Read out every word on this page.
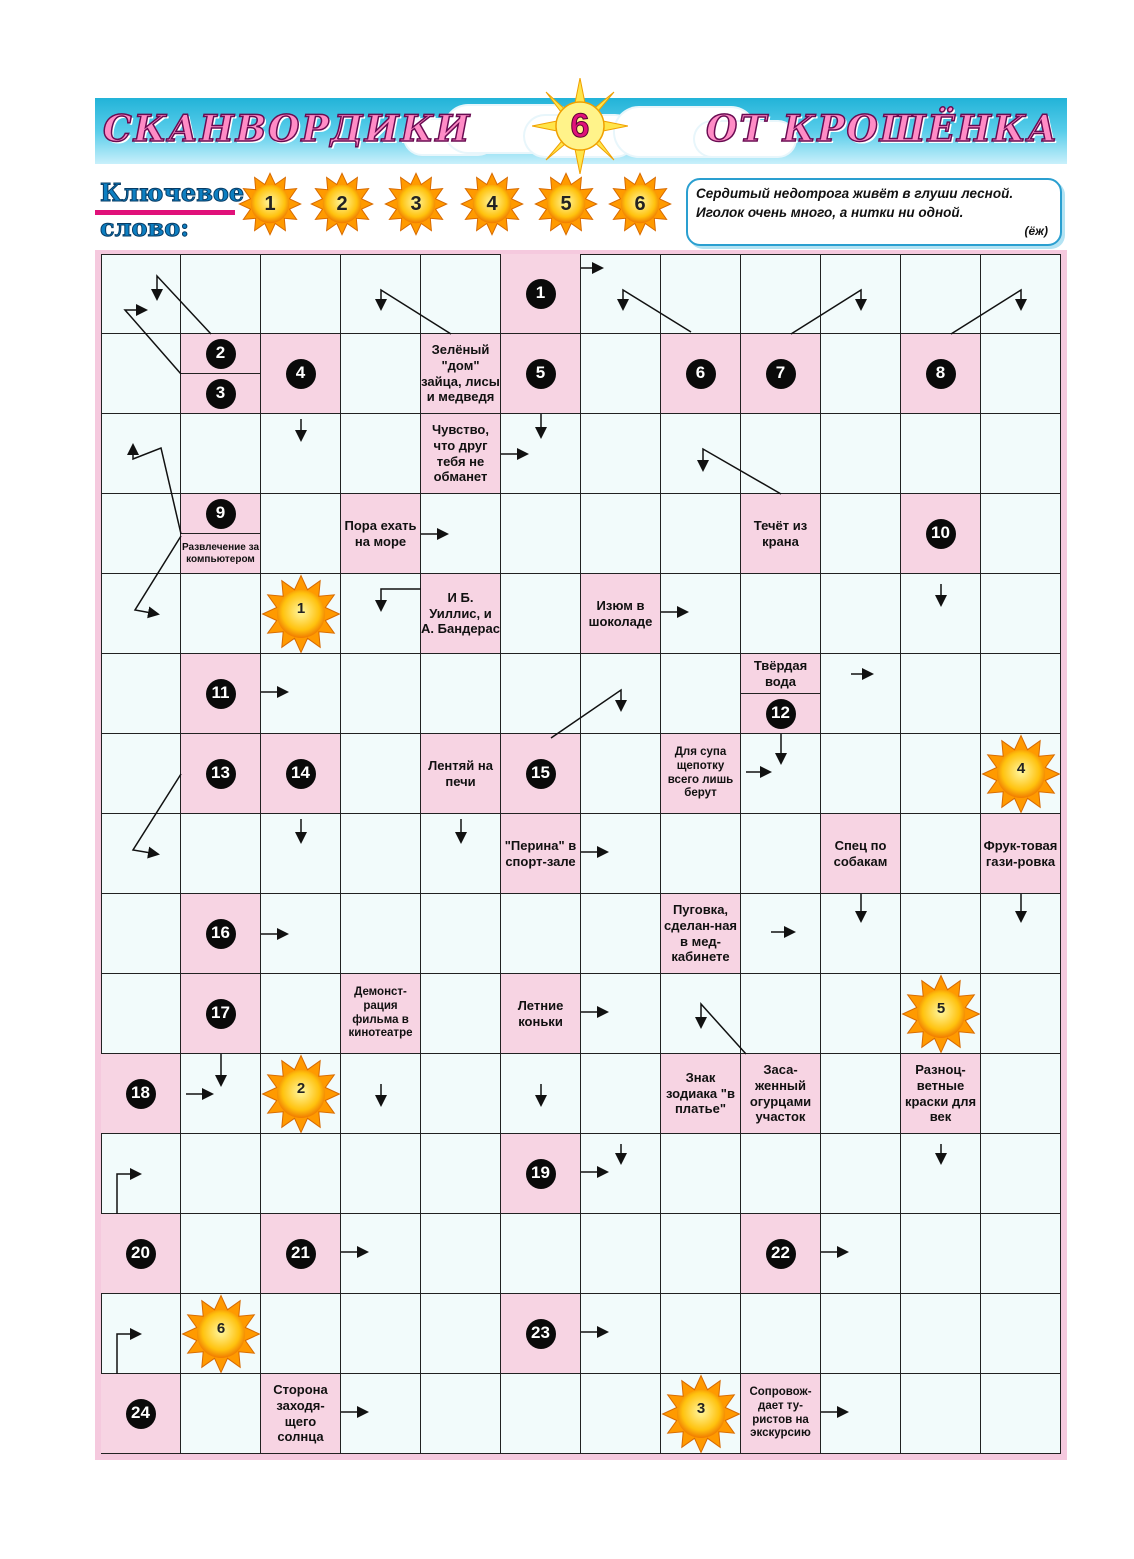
СКАНВОРДИКИ	ОТ КРОШЁНКА
6
Ключевое
слово:
1	2	3	4	5	6	Сердитый недотрога живёт в глуши лесной.
Иголок очень много, а нитки ни одной.
(ёж)
Зелёный "дом" зайца, лисы и медведя
Чувство, что друг тебя не обманет
Развлечение за компьютером
Пора ехать на море
Течёт из крана
И Б. Уиллис, и А. Бандерас
Изюм в шоколаде
Твёрдая вода
Лентяй на печи
Для супа щепотку всего лишь берут
"Перина" в спорт-зале
Спец по собакам
Фрук-товая гази-ровка
Пуговка, сделан-ная в мед-кабинете
Демонст-рация фильма в кинотеатре
Летние коньки
Знак зодиака "в платье"
Заса-женный огурцами участок
Разноц-ветные краски для век
Сторона заходя-щего солнца
Сопровож-дает ту-ристов на экскурсию
1
2
3
4	5	6	7	8
9
10
11
12
13	14	15
16
17
18
19
20	21	22
23
24
1
4
5
2
6
3
